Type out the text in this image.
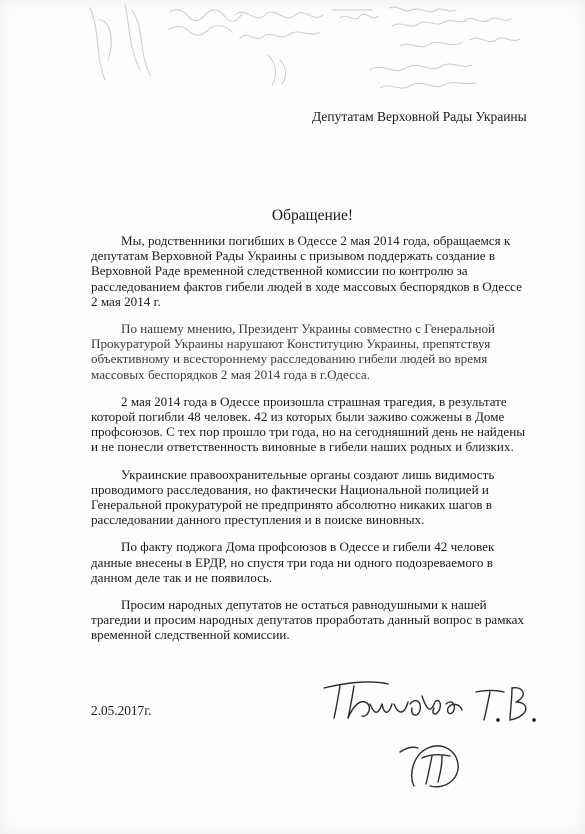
Депутатам Верховной Рады Украины
Обращение!

Мы, родственники погибших в Одессе 2 мая 2014 года, обращаемся к
депутатам Верховной Рады Украины с призывом поддержать создание в
Верховной Раде временной следственной комиссии по контролю за
расследованием фактов гибели людей в ходе массовых беспорядков в Одессе
2 мая 2014 г.

По нашему мнению, Президент Украины совместно с Генеральной
Прокуратурой Украины нарушают Конституцию Украины, препятствуя
объективному и всестороннему расследованию гибели людей во время
массовых беспорядков 2 мая 2014 года в г.Одесса.

2 мая 2014 года в Одессе произошла страшная трагедия, в результате
которой погибли 48 человек. 42 из которых были заживо сожжены в Доме
профсоюзов. С тех пор прошло три года, но на сегодняшний день не найдены
и не понесли ответственность виновные в гибели наших родных и близких.

Украинские правоохранительные органы создают лишь видимость
проводимого расследования, но фактически Национальной полицией и
Генеральной прокуратурой не предпринято абсолютно никаких шагов в
расследовании данного преступления и в поиске виновных.

По факту поджога Дома профсоюзов в Одессе и гибели 42 человек
данные внесены в ЕРДР, но спустя три года ни одного подозреваемого в
данном деле так и не появилось.

Просим народных депутатов не остаться равнодушными к нашей
трагедии и просим народных депутатов проработать данный вопрос в рамках
временной следственной комиссии.

2.05.2017г.
